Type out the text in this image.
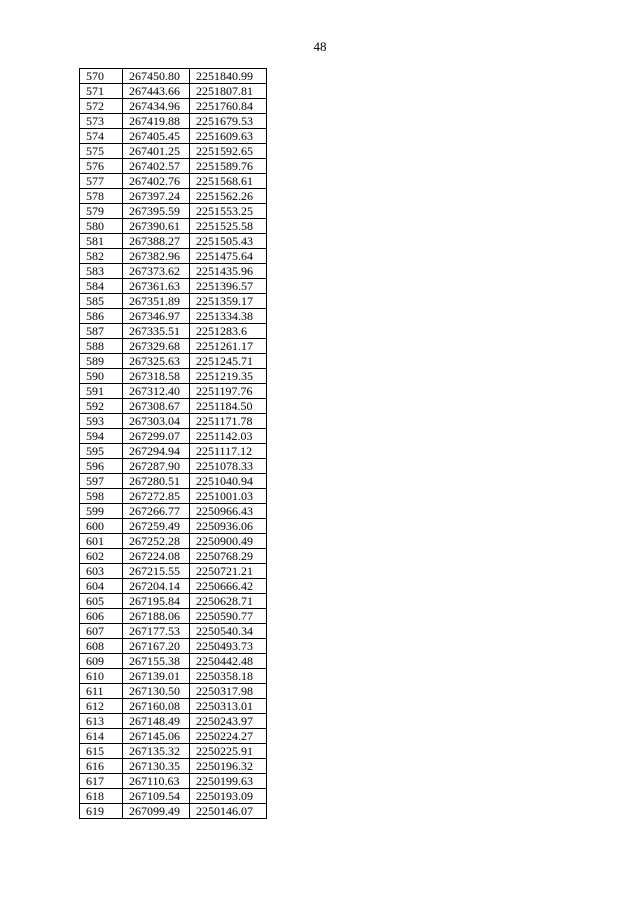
48
570	267450.80	2251840.99
571	267443.66	2251807.81
572	267434.96	2251760.84
573	267419.88	2251679.53
574	267405.45	2251609.63
575	267401.25	2251592.65
576	267402.57	2251589.76
577	267402.76	2251568.61
578	267397.24	2251562.26
579	267395.59	2251553.25
580	267390.61	2251525.58
581	267388.27	2251505.43
582	267382.96	2251475.64
583	267373.62	2251435.96
584	267361.63	2251396.57
585	267351.89	2251359.17
586	267346.97	2251334.38
587	267335.51	2251283.6
588	267329.68	2251261.17
589	267325.63	2251245.71
590	267318.58	2251219.35
591	267312.40	2251197.76
592	267308.67	2251184.50
593	267303.04	2251171.78
594	267299.07	2251142.03
595	267294.94	2251117.12
596	267287.90	2251078.33
597	267280.51	2251040.94
598	267272.85	2251001.03
599	267266.77	2250966.43
600	267259.49	2250936.06
601	267252.28	2250900.49
602	267224.08	2250768.29
603	267215.55	2250721.21
604	267204.14	2250666.42
605	267195.84	2250628.71
606	267188.06	2250590.77
607	267177.53	2250540.34
608	267167.20	2250493.73
609	267155.38	2250442.48
610	267139.01	2250358.18
611	267130.50	2250317.98
612	267160.08	2250313.01
613	267148.49	2250243.97
614	267145.06	2250224.27
615	267135.32	2250225.91
616	267130.35	2250196.32
617	267110.63	2250199.63
618	267109.54	2250193.09
619	267099.49	2250146.07
